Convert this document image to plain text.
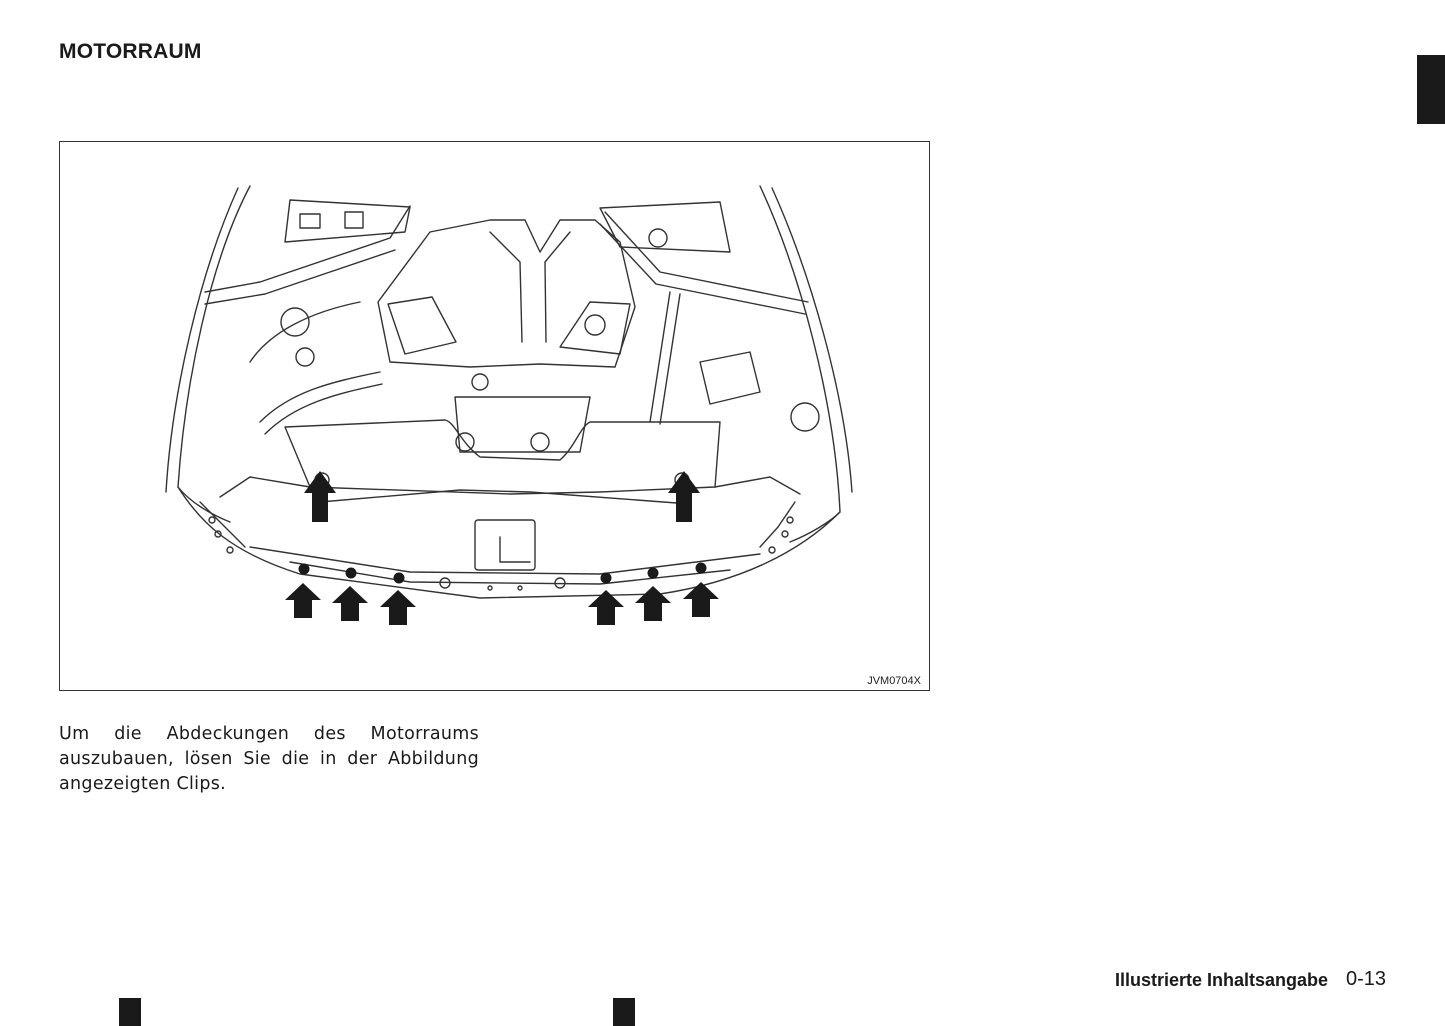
MOTORRAUM
JVM0704X

Um die Abdeckungen des Motorraums auszubauen, lösen Sie die in der Abbildung angezeigten Clips.

Illustrierte Inhaltsangabe 0-13
